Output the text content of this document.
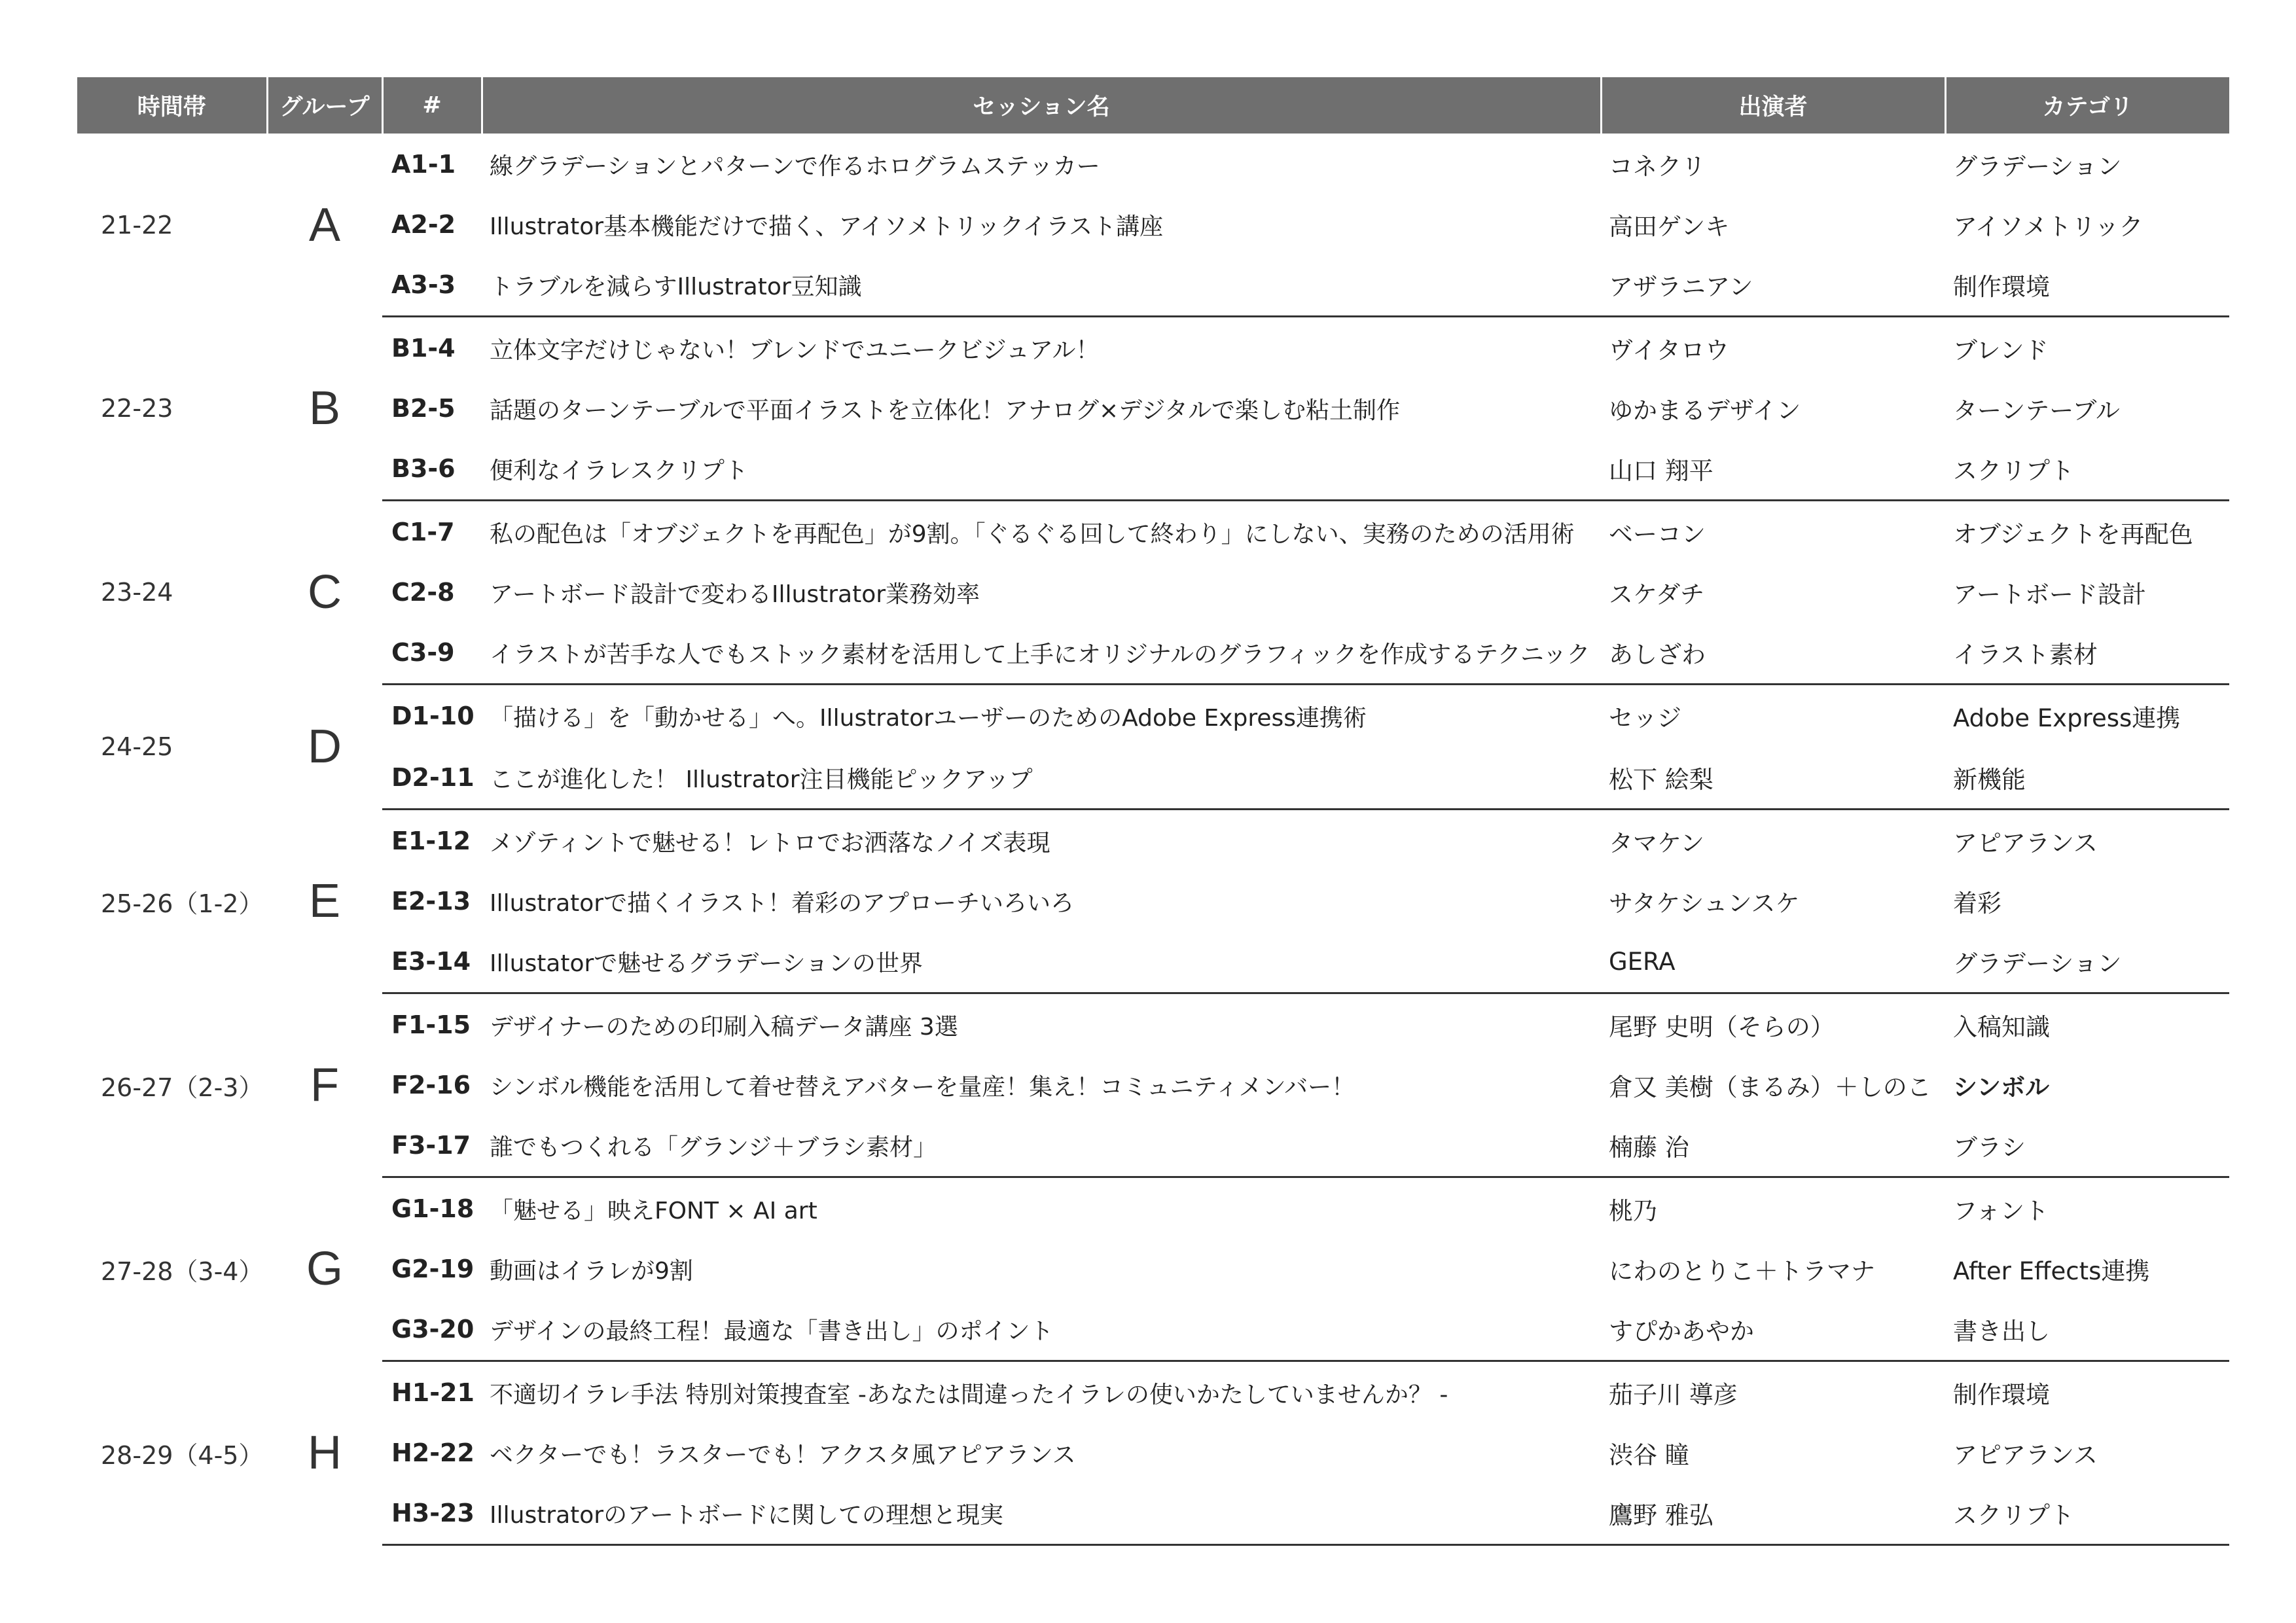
時間帯	グループ	#	セッション名	出演者	カテゴリ
21-22	A	A1-1	線グラデーションとパターンで作るホログラムステッカー	コネクリ	グラデーション
		A2-2	Illustrator基本機能だけで描く、アイソメトリックイラスト講座	高田ゲンキ	アイソメトリック
		A3-3	トラブルを減らすIllustrator豆知識	アザラニアン	制作環境
22-23	B	B1-4	立体文字だけじゃない！ブレンドでユニークビジュアル！	ヴイタロウ	ブレンド
		B2-5	話題のターンテーブルで平面イラストを立体化！アナログ×デジタルで楽しむ粘土制作	ゆかまるデザイン	ターンテーブル
		B3-6	便利なイラレスクリプト	山口 翔平	スクリプト
23-24	C	C1-7	私の配色は「オブジェクトを再配色」が9割。「ぐるぐる回して終わり」にしない、実務のための活用術	ベーコン	オブジェクトを再配色
		C2-8	アートボード設計で変わるIllustrator業務効率	スケダチ	アートボード設計
		C3-9	イラストが苦手な人でもストック素材を活用して上手にオリジナルのグラフィックを作成するテクニック	あしざわ	イラスト素材
24-25	D	D1-10	「描ける」を「動かせる」へ。IllustratorユーザーのためのAdobe Express連携術	セッジ	Adobe Express連携
		D2-11	ここが進化した！ Illustrator注目機能ピックアップ	松下 絵梨	新機能
25-26（1-2）	E	E1-12	メゾティントで魅せる！レトロでお洒落なノイズ表現	タマケン	アピアランス
		E2-13	Illustratorで描くイラスト！着彩のアプローチいろいろ	サタケシュンスケ	着彩
		E3-14	Illustatorで魅せるグラデーションの世界	GERA	グラデーション
26-27（2-3）	F	F1-15	デザイナーのための印刷入稿データ講座 3選	尾野 史明（そらの）	入稿知識
		F2-16	シンボル機能を活用して着せ替えアバターを量産！集え！コミュニティメンバー！	倉又 美樹（まるみ）＋しのこ	シンボル
		F3-17	誰でもつくれる「グランジ＋ブラシ素材」	楠藤 治	ブラシ
27-28（3-4）	G	G1-18	「魅せる」映えFONT × AI art	桃乃	フォント
		G2-19	動画はイラレが9割	にわのとりこ＋トラマナ	After Effects連携
		G3-20	デザインの最終工程！最適な「書き出し」のポイント	すぴかあやか	書き出し
28-29（4-5）	H	H1-21	不適切イラレ手法 特別対策捜査室 -あなたは間違ったイラレの使いかたしていませんか？ -	茄子川 導彦	制作環境
		H2-22	ベクターでも！ラスターでも！アクスタ風アピアランス	渋谷 瞳	アピアランス
		H3-23	Illustratorのアートボードに関しての理想と現実	鷹野 雅弘	スクリプト
